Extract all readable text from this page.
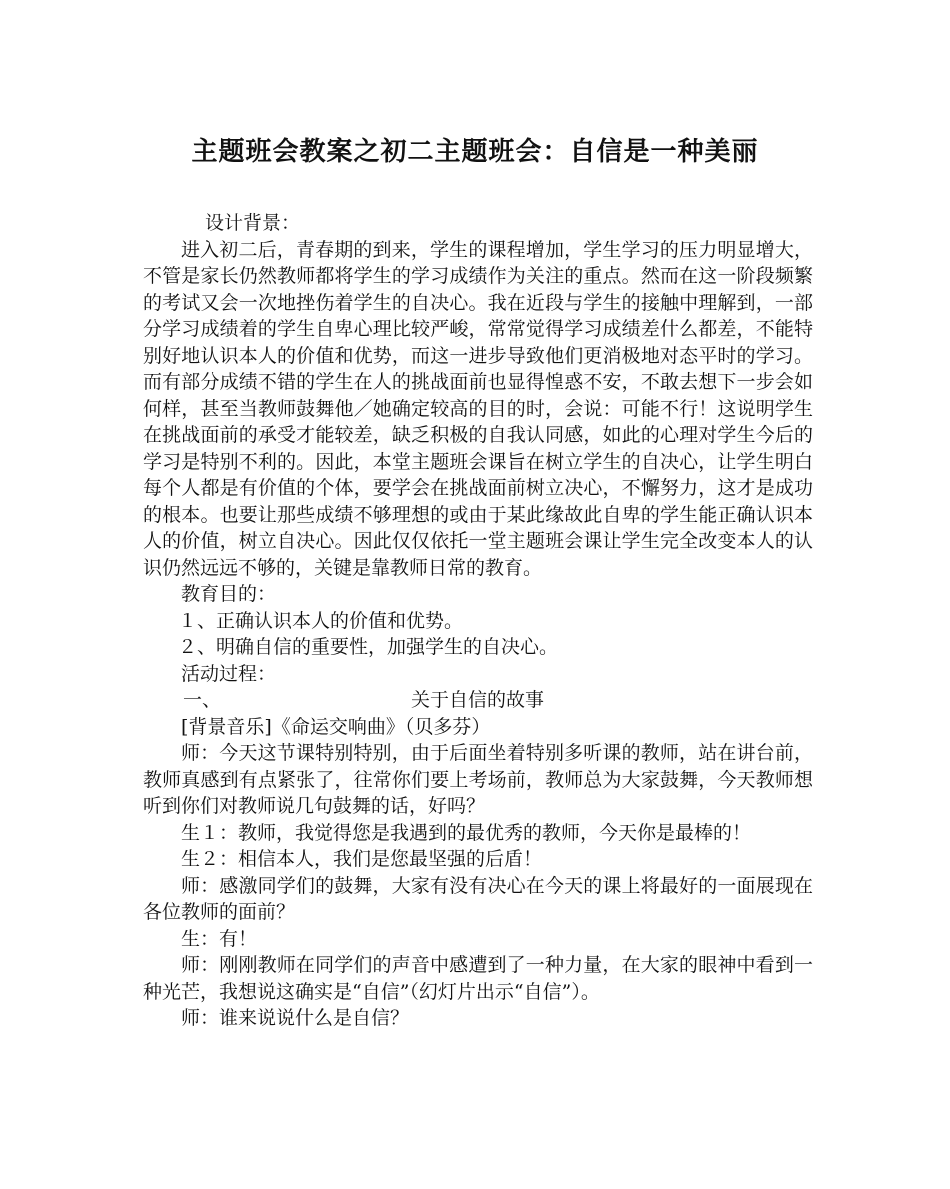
主题班会教案之初二主题班会：自信是一种美丽

设计背景：

进入初二后，青春期的到来，学生的课程增加，学生学习的压力明显增大，不管是家长仍然教师都将学生的学习成绩作为关注的重点。然而在这一阶段频繁的考试又会一次地挫伤着学生的自决心。我在近段与学生的接触中理解到，一部分学习成绩着的学生自卑心理比较严峻，常常觉得学习成绩差什么都差，不能特别好地认识本人的价值和优势，而这一进步导致他们更消极地对态平时的学习。而有部分成绩不错的学生在人的挑战面前也显得惶惑不安，不敢去想下一步会如何样，甚至当教师鼓舞他／她确定较高的目的时，会说：可能不行！这说明学生在挑战面前的承受才能较差，缺乏积极的自我认同感，如此的心理对学生今后的学习是特别不利的。因此，本堂主题班会课旨在树立学生的自决心，让学生明白每个人都是有价值的个体，要学会在挑战面前树立决心，不懈努力，这才是成功的根本。也要让那些成绩不够理想的或由于某此缘故此自卑的学生能正确认识本人的价值，树立自决心。因此仅仅依托一堂主题班会课让学生完全改变本人的认识仍然远远不够的，关键是靠教师日常的教育。

教育目的：

１、正确认识本人的价值和优势。

２、明确自信的重要性，加强学生的自决心。

活动过程：

一、	关于自信的故事

[背景音乐]《命运交响曲》（贝多芬）

师：今天这节课特别特别，由于后面坐着特别多听课的教师，站在讲台前，教师真感到有点紧张了，往常你们要上考场前，教师总为大家鼓舞，今天教师想听到你们对教师说几句鼓舞的话，好吗？

生１：教师，我觉得您是我遇到的最优秀的教师，今天你是最棒的！

生２：相信本人，我们是您最坚强的后盾！

师：感激同学们的鼓舞，大家有没有决心在今天的课上将最好的一面展现在各位教师的面前？

生：有！

师：刚刚教师在同学们的声音中感遭到了一种力量，在大家的眼神中看到一种光芒，我想说这确实是“自信”（幻灯片出示“自信”）。

师：谁来说说什么是自信？
